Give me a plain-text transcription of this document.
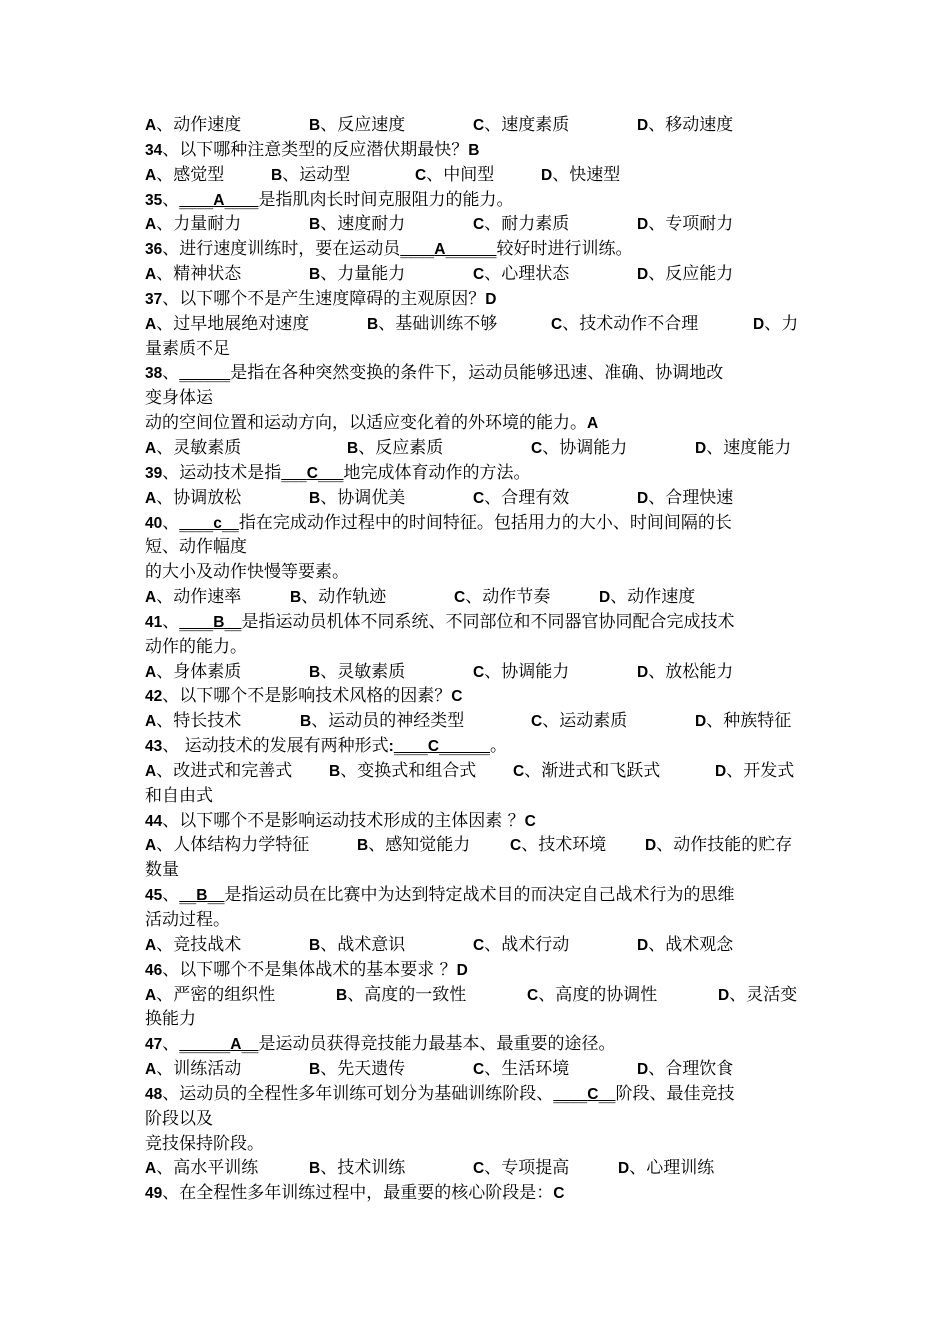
A、动作速度	B、反应速度	C、速度素质	D、移动速度
34、以下哪种注意类型的反应潜伏期最快？B
A、感觉型	B、运动型	C、中间型	D、快速型
35、____A____是指肌肉长时间克服阻力的能力。
A、力量耐力	B、速度耐力	C、耐力素质	D、专项耐力
36、进行速度训练时，要在运动员____A______较好时进行训练。
A、精神状态	B、力量能力	C、心理状态	D、反应能力
37、以下哪个不是产生速度障碍的主观原因？D
A、过早地展绝对速度	B、基础训练不够	C、技术动作不合理	D、力
量素质不足
38、______是指在各种突然变换的条件下，运动员能够迅速、准确、协调地改
变身体运
动的空间位置和运动方向，以适应变化着的外环境的能力。A
A、灵敏素质	B、反应素质	C、协调能力	D、速度能力
39、运动技术是指___C___地完成体育动作的方法。
A、协调放松	B、协调优美	C、合理有效	D、合理快速
40、____c__指在完成动作过程中的时间特征。包括用力的大小、时间间隔的长
短、动作幅度
的大小及动作快慢等要素。
A、动作速率	B、动作轨迹	C、动作节奏	D、动作速度
41、____B__是指运动员机体不同系统、不同部位和不同器官协同配合完成技术
动作的能力。
A、身体素质	B、灵敏素质	C、协调能力	D、放松能力
42、以下哪个不是影响技术风格的因素？C
A、特长技术	B、运动员的神经类型	C、运动素质	D、种族特征
43、 运动技术的发展有两种形式:____C______。
A、改进式和完善式 B、变换式和组合式 C、渐进式和飞跃式	D、开发式
和自由式
44、以下哪个不是影响运动技术形成的主体因素 ？C
A、人体结构力学特征	B、感知觉能力	C、技术环境	D、动作技能的贮存
数量
45、__B__是指运动员在比赛中为达到特定战术目的而决定自己战术行为的思维
活动过程。
A、竞技战术	B、战术意识	C、战术行动	D、战术观念
46、以下哪个不是集体战术的基本要求 ？D
A、严密的组织性	B、高度的一致性	C、高度的协调性	D、灵活变
换能力
47、______A__是运动员获得竞技能力最基本、最重要的途径。
A、训练活动	B、先天遗传	C、生活环境	D、合理饮食
48、运动员的全程性多年训练可划分为基础训练阶段、____C__阶段、最佳竞技
阶段以及
竞技保持阶段。
A、高水平训练	B、技术训练	C、专项提高	D、心理训练
49、在全程性多年训练过程中，最重要的核心阶段是：C
